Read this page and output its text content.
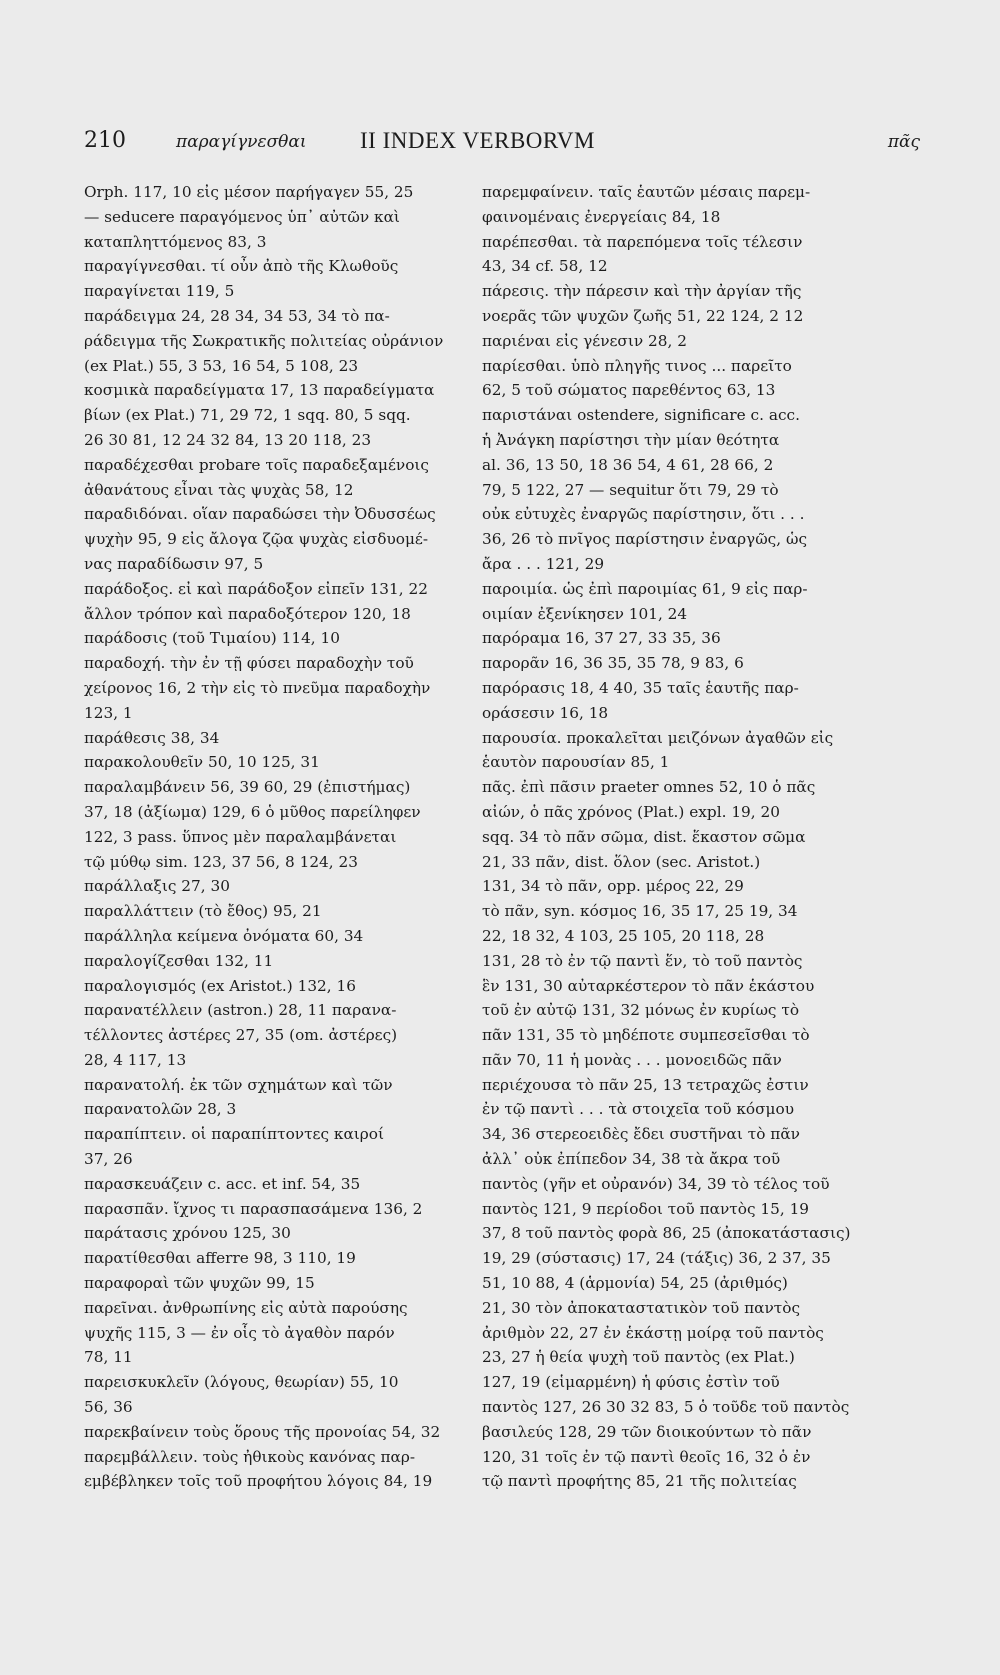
210	παραγίγνεσθαι II INDEX VERBORVM	πᾶς
Orph. 117, 10 εἰς μέσον παρήγαγεν 55, 25
— seducere παραγόμενος ὑπ᾽ αὐτῶν καὶ
καταπληττόμενος 83, 3
παραγίγνεσθαι. τί οὖν ἀπὸ τῆς Κλωθοῦς
παραγίνεται 119, 5
παράδειγμα 24, 28 34, 34 53, 34 τὸ πα-
ράδειγμα τῆς Σωκρατικῆς πολιτείας οὐράνιον
(ex Plat.) 55, 3 53, 16 54, 5 108, 23
κοσμικὰ παραδείγματα 17, 13 παραδείγματα
βίων (ex Plat.) 71, 29 72, 1 sqq. 80, 5 sqq.
26 30 81, 12 24 32 84, 13 20 118, 23
παραδέχεσθαι probare τοῖς παραδεξαμένοις
ἀθανάτους εἶναι τὰς ψυχὰς 58, 12
παραδιδόναι. οἵαν παραδώσει τὴν Ὀδυσσέως
ψυχὴν 95, 9 εἰς ἄλογα ζῷα ψυχὰς εἰσδυομέ-
νας παραδίδωσιν 97, 5
παράδοξος. εἰ καὶ παράδοξον εἰπεῖν 131, 22
ἄλλον τρόπον καὶ παραδοξότερον 120, 18
παράδοσις (τοῦ Τιμαίου) 114, 10
παραδοχή. τὴν ἐν τῇ φύσει παραδοχὴν τοῦ
χείρονος 16, 2 τὴν εἰς τὸ πνεῦμα παραδοχὴν
123, 1
παράθεσις 38, 34
παρακολουθεῖν 50, 10 125, 31
παραλαμβάνειν 56, 39 60, 29 (ἐπιστήμας)
37, 18 (ἀξίωμα) 129, 6 ὁ μῦθος παρείληφεν
122, 3 pass. ὕπνος μὲν παραλαμβάνεται
τῷ μύθῳ sim. 123, 37 56, 8 124, 23
παράλλαξις 27, 30
παραλλάττειν (τὸ ἔθος) 95, 21
παράλληλα κείμενα ὀνόματα 60, 34
παραλογίζεσθαι 132, 11
παραλογισμός (ex Aristot.) 132, 16
παρανατέλλειν (astron.) 28, 11 παρανα-
τέλλοντες ἀστέρες 27, 35 (om. ἀστέρες)
28, 4 117, 13
παρανατολή. ἐκ τῶν σχημάτων καὶ τῶν
παρανατολῶν 28, 3
παραπίπτειν. οἱ παραπίπτοντες καιροί
37, 26
παρασκευάζειν c. acc. et inf. 54, 35
παρασπᾶν. ἴχνος τι παρασπασάμενα 136, 2
παράτασις χρόνου 125, 30
παρατίθεσθαι afferre 98, 3 110, 19
παραφοραὶ τῶν ψυχῶν 99, 15
παρεῖναι. ἀνθρωπίνης εἰς αὐτὰ παρούσης
ψυχῆς 115, 3 — ἐν οἷς τὸ ἀγαθὸν παρόν
78, 11
παρεισκυκλεῖν (λόγους, θεωρίαν) 55, 10
56, 36
παρεκβαίνειν τοὺς ὅρους τῆς προνοίας 54, 32
παρεμβάλλειν. τοὺς ἠθικοὺς κανόνας παρ-
εμβέβληκεν τοῖς τοῦ προφήτου λόγοις 84, 19
παρεμφαίνειν. ταῖς ἑαυτῶν μέσαις παρεμ-
φαινομέναις ἐνεργείαις 84, 18
παρέπεσθαι. τὰ παρεπόμενα τοῖς τέλεσιν
43, 34 cf. 58, 12
πάρεσις. τὴν πάρεσιν καὶ τὴν ἀργίαν τῆς
νοερᾶς τῶν ψυχῶν ζωῆς 51, 22 124, 2 12
παριέναι εἰς γένεσιν 28, 2
παρίεσθαι. ὑπὸ πληγῆς τινος ... παρεῖτο
62, 5 τοῦ σώματος παρεθέντος 63, 13
παριστάναι ostendere, significare c. acc.
ἡ Ἀνάγκη παρίστησι τὴν μίαν θεότητα
al. 36, 13 50, 18 36 54, 4 61, 28 66, 2
79, 5 122, 27 — sequitur ὅτι 79, 29 τὸ
οὐκ εὐτυχὲς ἐναργῶς παρίστησιν, ὅτι . . .
36, 26 τὸ πνῖγος παρίστησιν ἐναργῶς, ὡς
ἄρα . . . 121, 29
παροιμία. ὡς ἐπὶ παροιμίας 61, 9 εἰς παρ-
οιμίαν ἐξενίκησεν 101, 24
παρόραμα 16, 37 27, 33 35, 36
παρορᾶν 16, 36 35, 35 78, 9 83, 6
παρόρασις 18, 4 40, 35 ταῖς ἑαυτῆς παρ-
οράσεσιν 16, 18
παρουσία. προκαλεῖται μειζόνων ἀγαθῶν εἰς
ἑαυτὸν παρουσίαν 85, 1
πᾶς. ἐπὶ πᾶσιν praeter omnes 52, 10 ὁ πᾶς
αἰών, ὁ πᾶς χρόνος (Plat.) expl. 19, 20
sqq. 34 τὸ πᾶν σῶμα, dist. ἕκαστον σῶμα
21, 33 πᾶν, dist. ὅλον (sec. Aristot.)
131, 34 τὸ πᾶν, opp. μέρος 22, 29
τὸ πᾶν, syn. κόσμος 16, 35 17, 25 19, 34
22, 18 32, 4 103, 25 105, 20 118, 28
131, 28 τὸ ἐν τῷ παντὶ ἕν, τὸ τοῦ παντὸς
ἓν 131, 30 αὐταρκέστερον τὸ πᾶν ἑκάστου
τοῦ ἐν αὐτῷ 131, 32 μόνως ἐν κυρίως τὸ
πᾶν 131, 35 τὸ μηδέποτε συμπεσεῖσθαι τὸ
πᾶν 70, 11 ἡ μονὰς . . . μονοειδῶς πᾶν
περιέχουσα τὸ πᾶν 25, 13 τετραχῶς ἐστιν
ἐν τῷ παντὶ . . . τὰ στοιχεῖα τοῦ κόσμου
34, 36 στερεοειδὲς ἔδει συστῆναι τὸ πᾶν
ἀλλ᾽ οὐκ ἐπίπεδον 34, 38 τὰ ἄκρα τοῦ
παντὸς (γῆν et οὐρανόν) 34, 39 τὸ τέλος τοῦ
παντὸς 121, 9 περίοδοι τοῦ παντὸς 15, 19
37, 8 τοῦ παντὸς φορὰ 86, 25 (ἀποκατάστασις)
19, 29 (σύστασις) 17, 24 (τάξις) 36, 2 37, 35
51, 10 88, 4 (ἁρμονία) 54, 25 (ἀριθμός)
21, 30 τὸν ἀποκαταστατικὸν τοῦ παντὸς
ἀριθμὸν 22, 27 ἐν ἑκάστῃ μοίρᾳ τοῦ παντὸς
23, 27 ἡ θεία ψυχὴ τοῦ παντὸς (ex Plat.)
127, 19 (εἱμαρμένη) ἡ φύσις ἐστὶν τοῦ
παντὸς 127, 26 30 32 83, 5 ὁ τοῦδε τοῦ παντὸς
βασιλεύς 128, 29 τῶν διοικούντων τὸ πᾶν
120, 31 τοῖς ἐν τῷ παντὶ θεοῖς 16, 32 ὁ ἐν
τῷ παντὶ προφήτης 85, 21 τῆς πολιτείας
